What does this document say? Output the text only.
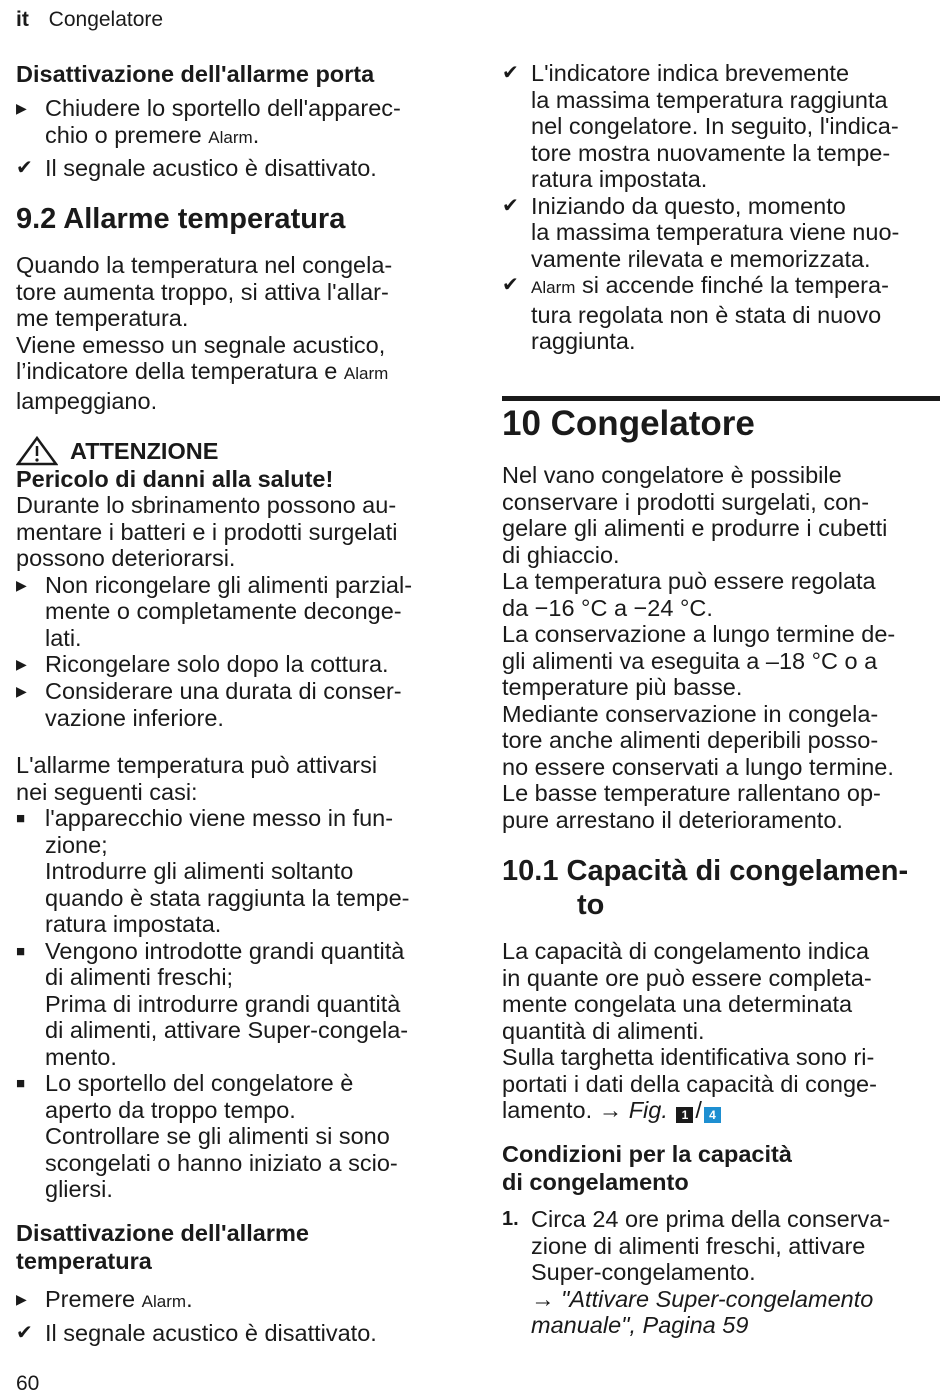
it Congelatore

Disattivazione dell'allarme porta

▶ Chiudere lo sportello dell'apparec-
chio o premere Alarm.
✔ Il segnale acustico è disattivato.

9.2 Allarme temperatura

Quando la temperatura nel congela-

tore aumenta troppo, si attiva l'allar-

me temperatura.

Viene emesso un segnale acustico,

l’indicatore della temperatura e Alarm

lampeggiano.

ATTENZIONE

Pericolo di danni alla salute!

Durante lo sbrinamento possono au-

mentare i batteri e i prodotti surgelati

possono deteriorarsi.

▶ Non ricongelare gli alimenti parzial-
mente o completamente deconge-
lati.
▶ Ricongelare solo dopo la cottura.
▶ Considerare una durata di conser-
vazione inferiore.

L'allarme temperatura può attivarsi

nei seguenti casi:

■ l'apparecchio viene messo in fun-
zione;
Introdurre gli alimenti soltanto
quando è stata raggiunta la tempe-
ratura impostata.
■ Vengono introdotte grandi quantità
di alimenti freschi;
Prima di introdurre grandi quantità
di alimenti, attivare Super-congela-
mento.
■ Lo sportello del congelatore è
aperto da troppo tempo.
Controllare se gli alimenti si sono
scongelati o hanno iniziato a scio-
gliersi.

Disattivazione dell'allarme
temperatura

▶ Premere Alarm.
✔ Il segnale acustico è disattivato.
✔ L'indicatore indica brevemente
la massima temperatura raggiunta
nel congelatore. In seguito, l'indica-
tore mostra nuovamente la tempe-
ratura impostata.
✔ Iniziando da questo, momento
la massima temperatura viene nuo-
vamente rilevata e memorizzata.
✔ Alarm si accende finché la tempera-
tura regolata non è stata di nuovo
raggiunta.

10 Congelatore

Nel vano congelatore è possibile

conservare i prodotti surgelati, con-

gelare gli alimenti e produrre i cubetti

di ghiaccio.

La temperatura può essere regolata

da −16 °C a −24 °C.

La conservazione a lungo termine de-

gli alimenti va eseguita a –18 °C o a

temperature più basse.

Mediante conservazione in congela-

tore anche alimenti deperibili posso-

no essere conservati a lungo termine.

Le basse temperature rallentano op-

pure arrestano il deterioramento.

10.1 Capacità di congelamen-
to

La capacità di congelamento indica

in quante ore può essere completa-

mente congelata una determinata

quantità di alimenti.

Sulla targhetta identificativa sono ri-

portati i dati della capacità di conge-

lamento. → Fig. 1 / 4

Condizioni per la capacità
di congelamento

1. Circa 24 ore prima della conserva-
zione di alimenti freschi, attivare
Super-congelamento.
→ "Attivare Super-congelamento
manuale", Pagina 59
60
